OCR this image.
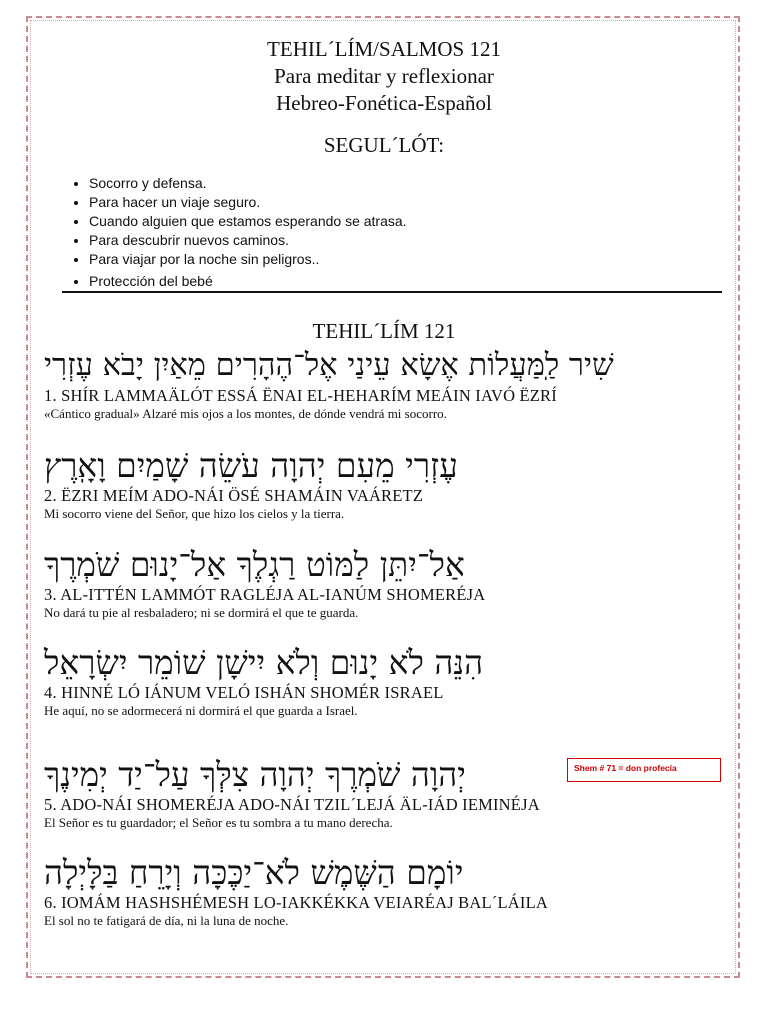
TEHIL´LÍM/SALMOS 121
Para meditar y reflexionar
Hebreo-Fonética-Español
SEGUL´LÓT:
• Socorro y defensa.
• Para hacer un viaje seguro.
• Cuando alguien que estamos esperando se atrasa.
• Para descubrir nuevos caminos.
• Para viajar por la noche sin peligros..
• Protección del bebé
TEHIL´LÍM 121
שִׁיר לַֽמַּעֲלוֹת אֶשָׂא עֵינַי אֶל־הֶהָרִים מֵאַיִן יָבֹא עֶזְרִי
1. SHÍR LAMMAÄLÓT ESSÁ ËNAI EL-HEHARÍM MEÁIN IAVÓ ËZRÍ
«Cántico gradual» Alzaré mis ojos a los montes, de dónde vendrá mi socorro.
עֶזְרִי מֵעִם יְהוָה עֹשֵׂה שָׁמַיִם וָאָֽרֶץ
2. ËZRI MEÍM ADO-NÁI ÖSÉ SHAMÁIN VAÁRETZ
Mi socorro viene del Señor, que hizo los cielos y la tierra.
אַל־יִתֵּן לַמּוֹט רַגְלֶךָ אַל־יָנוּם שֹׁמְרֶךָ
3. AL-ITTÉN LAMMÓT RAGLÉJA AL-IANÚM SHOMERÉJA
No dará tu pie al resbaladero; ni se dormirá el que te guarda.
הִנֵּה לֹא יָנוּם וְלֹא יִישָׁן שׁוֹמֵר יִשְׂרָאֵל
4. HINNÉ LÓ IÁNUM VELÓ ISHÁN SHOMÉR ISRAEL
He aquí, no se adormecerá ni dormirá el que guarda a Israel.
יְהוָה שֹׁמְרֶךָ יְהוָה צִלְּךָ עַל־יַד יְמִינֶךָ
5. ADO-NÁI SHOMERÉJA ADO-NÁI TZIL´LEJÁ ÄL-IÁD IEMINÉJA
El Señor es tu guardador; el Señor es tu sombra a tu mano derecha.
יוֹמָם הַשֶּׁמֶשׁ לֹא־יַכֶּכָּה וְיָרֵחַ בַּלָּיְלָה
6. IOMÁM HASHSHÉMESH LO-IAKKÉKKA VEIARÉAJ BAL´LÁILA
El sol no te fatigará de día, ni la luna de noche.
Shem # 71 = don profecía
